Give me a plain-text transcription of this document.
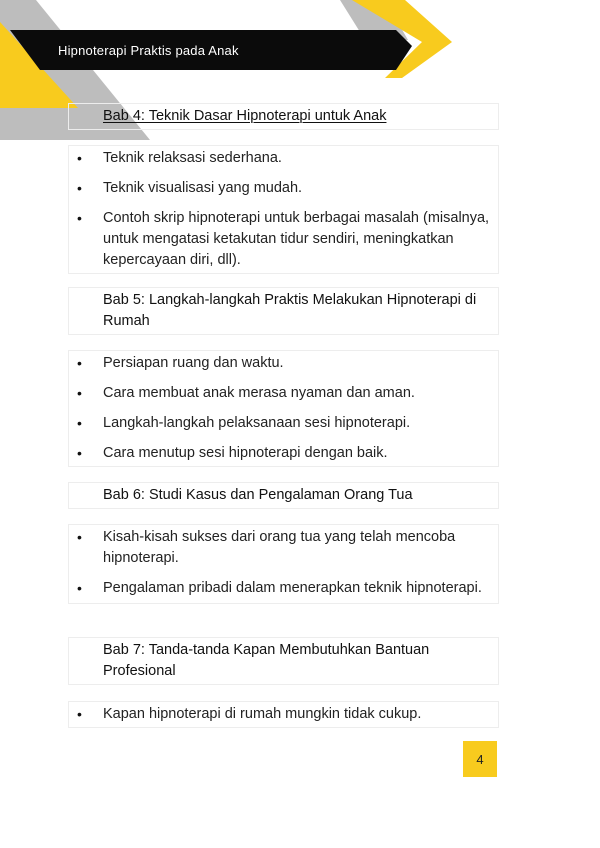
Hipnoterapi Praktis pada Anak
Bab 4: Teknik Dasar Hipnoterapi untuk Anak
• Teknik relaksasi sederhana.
• Teknik visualisasi yang mudah.
• Contoh skrip hipnoterapi untuk berbagai masalah (misalnya, untuk mengatasi ketakutan tidur sendiri, meningkatkan kepercayaan diri, dll).
Bab 5: Langkah-langkah Praktis Melakukan Hipnoterapi di Rumah
• Persiapan ruang dan waktu.
• Cara membuat anak merasa nyaman dan aman.
• Langkah-langkah pelaksanaan sesi hipnoterapi.
• Cara menutup sesi hipnoterapi dengan baik.
Bab 6: Studi Kasus dan Pengalaman Orang Tua
• Kisah-kisah sukses dari orang tua yang telah mencoba hipnoterapi.
• Pengalaman pribadi dalam menerapkan teknik hipnoterapi.
Bab 7: Tanda-tanda Kapan Membutuhkan Bantuan Profesional
• Kapan hipnoterapi di rumah mungkin tidak cukup.
4
